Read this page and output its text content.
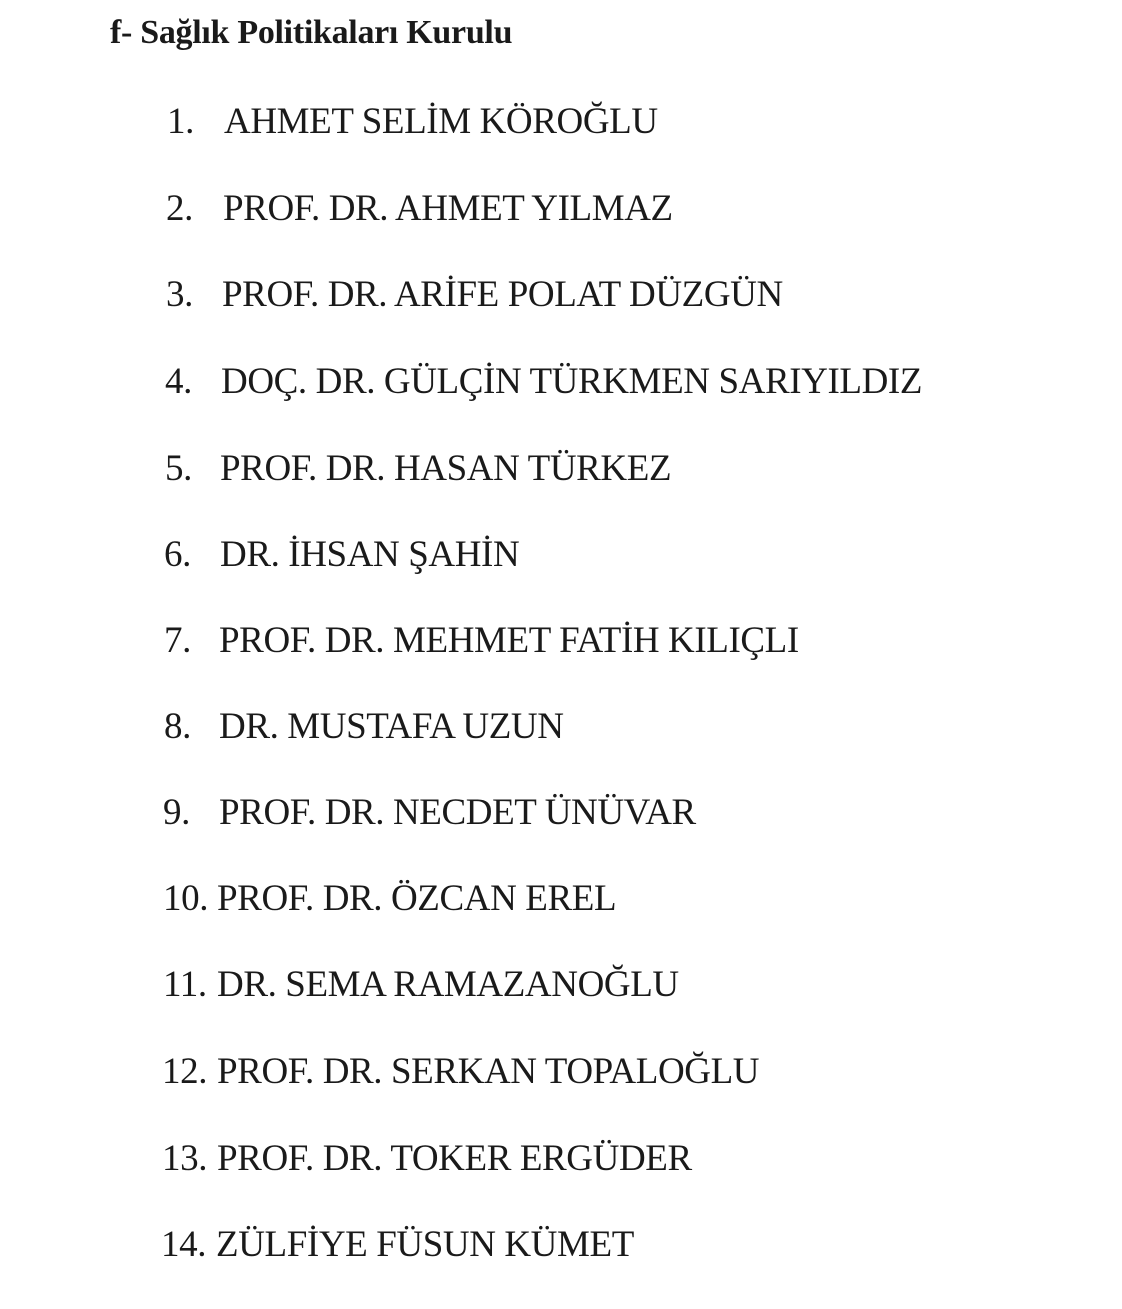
f- Sağlık Politikaları Kurulu
1. AHMET SELİM KÖROĞLU
2. PROF. DR. AHMET YILMAZ
3. PROF. DR. ARİFE POLAT DÜZGÜN
4. DOÇ. DR. GÜLÇİN TÜRKMEN SARIYILDIZ
5. PROF. DR. HASAN TÜRKEZ
6. DR. İHSAN ŞAHİN
7. PROF. DR. MEHMET FATİH KILIÇLI
8. DR. MUSTAFA UZUN
9. PROF. DR. NECDET ÜNÜVAR
10. PROF. DR. ÖZCAN EREL
11. DR. SEMA RAMAZANOĞLU
12. PROF. DR. SERKAN TOPALOĞLU
13. PROF. DR. TOKER ERGÜDER
14. ZÜLFİYE FÜSUN KÜMET
